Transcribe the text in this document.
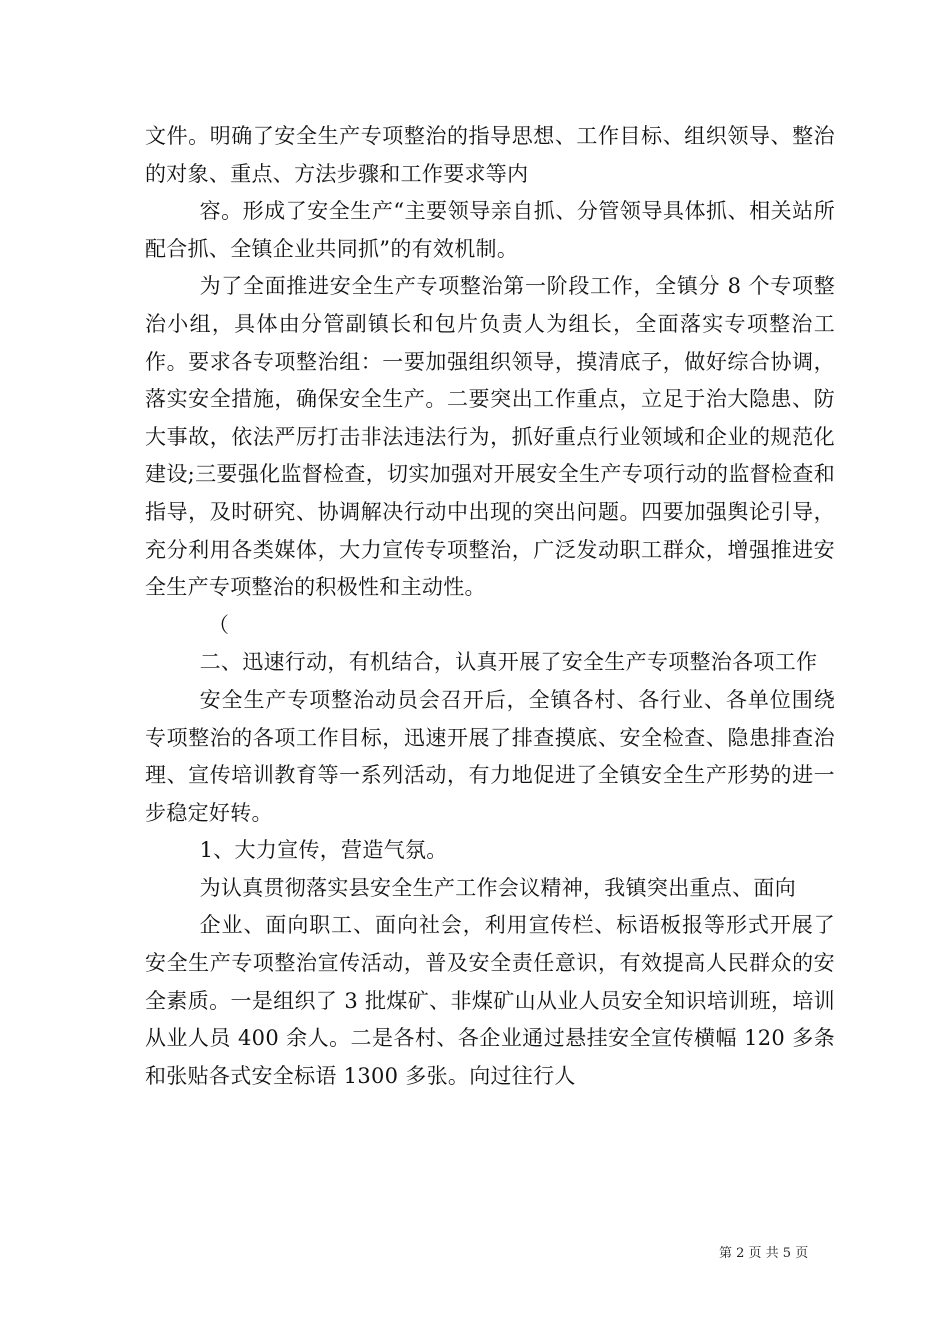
文件。明确了安全生产专项整治的指导思想、工作目标、组织领导、整治的对象、重点、方法步骤和工作要求等内

容。形成了安全生产“主要领导亲自抓、分管领导具体抓、相关站所配合抓、全镇企业共同抓”的有效机制。

为了全面推进安全生产专项整治第一阶段工作，全镇分 8 个专项整治小组，具体由分管副镇长和包片负责人为组长，全面落实专项整治工作。要求各专项整治组：一要加强组织领导，摸清底子，做好综合协调，落实安全措施，确保安全生产。二要突出工作重点，立足于治大隐患、防大事故，依法严厉打击非法违法行为，抓好重点行业领域和企业的规范化建设;三要强化监督检查，切实加强对开展安全生产专项行动的监督检查和指导，及时研究、协调解决行动中出现的突出问题。四要加强舆论引导，充分利用各类媒体，大力宣传专项整治，广泛发动职工群众，增强推进安全生产专项整治的积极性和主动性。

（

二、迅速行动，有机结合，认真开展了安全生产专项整治各项工作

安全生产专项整治动员会召开后，全镇各村、各行业、各单位围绕专项整治的各项工作目标，迅速开展了排查摸底、安全检查、隐患排查治理、宣传培训教育等一系列活动，有力地促进了全镇安全生产形势的进一步稳定好转。

1、大力宣传，营造气氛。

为认真贯彻落实县安全生产工作会议精神，我镇突出重点、面向

企业、面向职工、面向社会，利用宣传栏、标语板报等形式开展了安全生产专项整治宣传活动，普及安全责任意识，有效提高人民群众的安全素质。一是组织了 3 批煤矿、非煤矿山从业人员安全知识培训班，培训从业人员 400 余人。二是各村、各企业通过悬挂安全宣传横幅 120 多条和张贴各式安全标语 1300 多张。向过往行人

第 2 页 共 5 页
